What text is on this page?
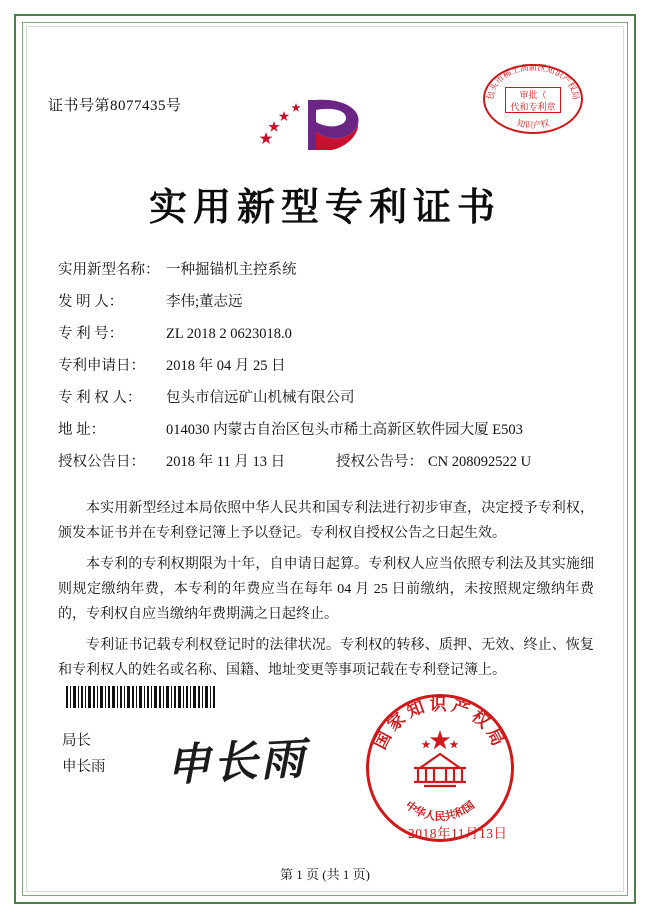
证书号第8077435号
包头市稀土高新区知识产权局
知识产权
审批（
代和专利章
实用新型专利证书
实用新型名称： 一种掘锚机主控系统
发 明 人：	李伟;董志远
专 利 号：	ZL 2018 2 0623018.0
专利申请日： 2018 年 04 月 25 日
专 利 权 人： 包头市信远矿山机械有限公司
地 址：	014030 内蒙古自治区包头市稀土高新区软件园大厦 E503
授权公告日： 2018 年 11 月 13 日	授权公告号： CN 208092522 U

本实用新型经过本局依照中华人民共和国专利法进行初步审查，决定授予专利权，颁发本证书并在专利登记簿上予以登记。专利权自授权公告之日起生效。

本专利的专利权期限为十年，自申请日起算。专利权人应当依照专利法及其实施细则规定缴纳年费，本专利的年费应当在每年 04 月 25 日前缴纳，未按照规定缴纳年费的，专利权自应当缴纳年费期满之日起终止。

专利证书记载专利权登记时的法律状况。专利权的转移、质押、无效、终止、恢复和专利权人的姓名或名称、国籍、地址变更等事项记载在专利登记簿上。

局长
申长雨 申长雨	国家知识产权局
中华人民共和国
2018年11月13日
第 1 页 (共 1 页)
